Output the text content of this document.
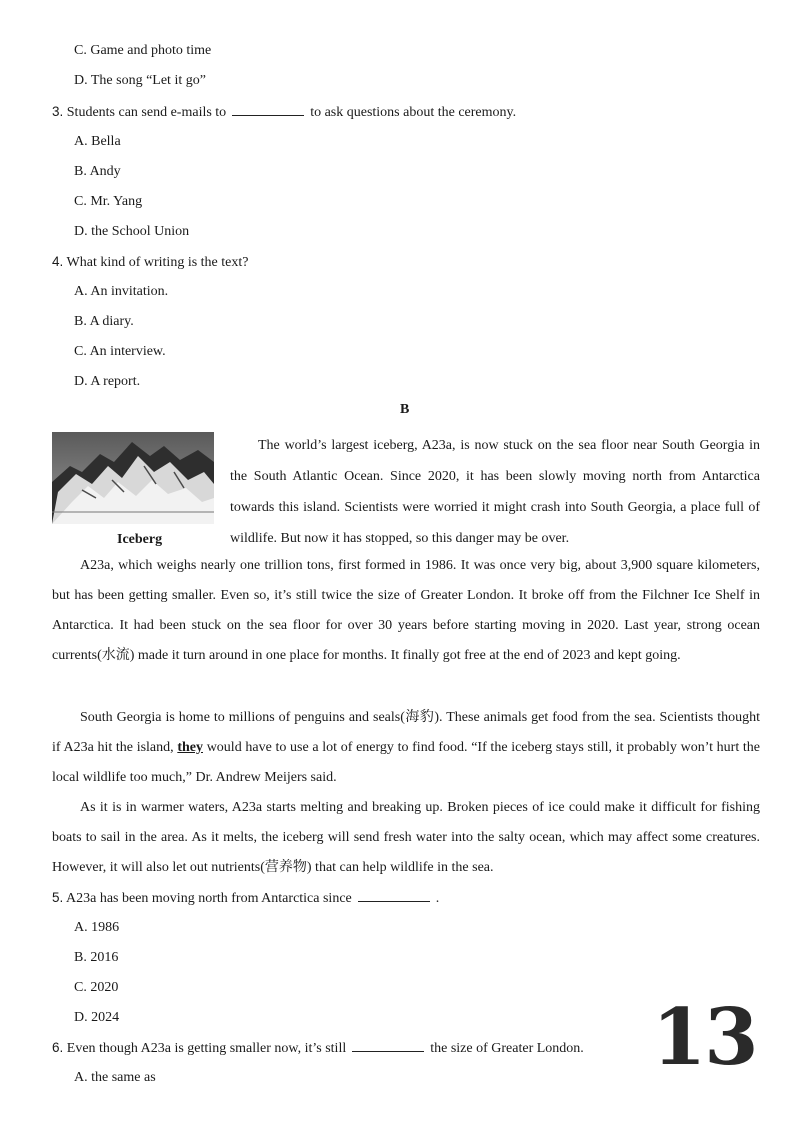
C. Game and photo time
D. The song “Let it go”
3. Students can send e-mails to	to ask questions about the ceremony.
A. Bella
B. Andy
C. Mr. Yang
D. the School Union
4. What kind of writing is the text?
A. An invitation.
B. A diary.
C. An interview.
D. A report.
B
Iceberg
The world’s largest iceberg, A23a, is now stuck on the sea floor near South Georgia in the South Atlantic Ocean. Since 2020, it has been slowly moving north from Antarctica towards this island. Scientists were worried it might crash into South Georgia, a place full of wildlife. But now it has stopped, so this danger may be over.
A23a, which weighs nearly one trillion tons, first formed in 1986. It was once very big, about 3,900 square kilometers, but has been getting smaller. Even so, it’s still twice the size of Greater London. It broke off from the Filchner Ice Shelf in Antarctica. It had been stuck on the sea floor for over 30 years before starting moving in 2020. Last year, strong ocean currents(水流) made it turn around in one place for months. It finally got free at the end of 2023 and kept going.
South Georgia is home to millions of penguins and seals(海豹). These animals get food from the sea. Scientists thought if A23a hit the island, they would have to use a lot of energy to find food. “If the iceberg stays still, it probably won’t hurt the local wildlife too much,” Dr. Andrew Meijers said.
As it is in warmer waters, A23a starts melting and breaking up. Broken pieces of ice could make it difficult for fishing boats to sail in the area. As it melts, the iceberg will send fresh water into the salty ocean, which may affect some creatures. However, it will also let out nutrients(营养物) that can help wildlife in the sea.
5. A23a has been moving north from Antarctica since	.
A. 1986
B. 2016
C. 2020
D. 2024
6. Even though A23a is getting smaller now, it’s still	the size of Greater London.
A. the same as	13
